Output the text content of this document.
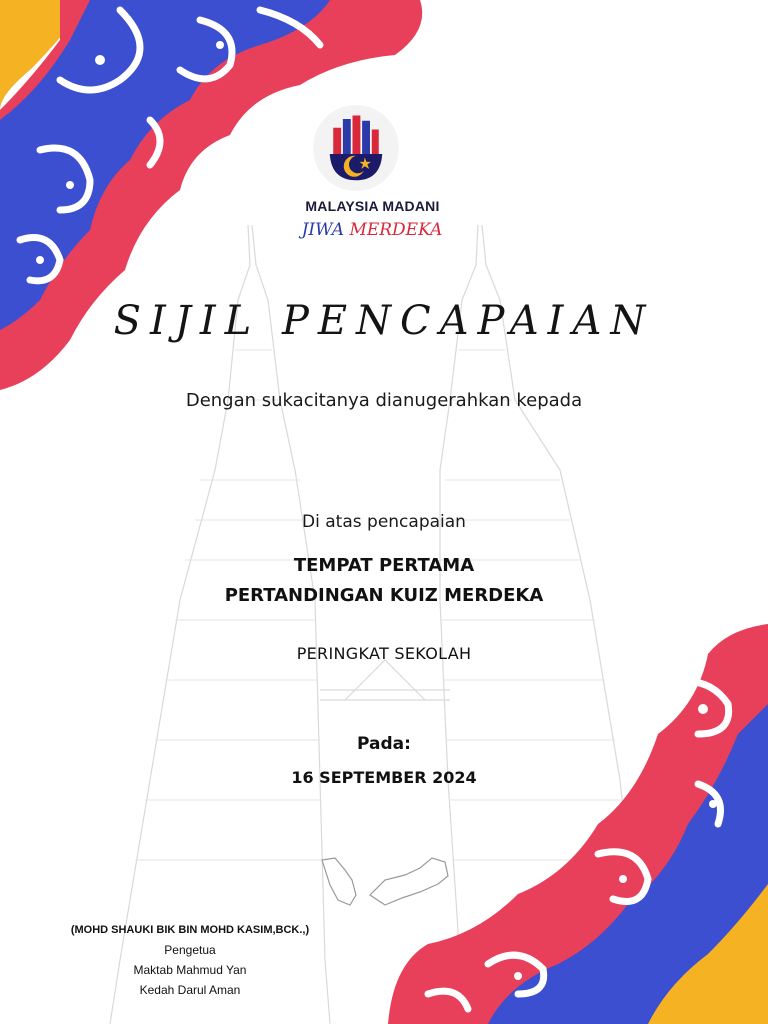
MALAYSIA MADANI
JIWA MERDEKA
SIJIL PENCAPAIAN
Dengan sukacitanya dianugerahkan kepada
Di atas pencapaian
TEMPAT PERTAMA
PERTANDINGAN KUIZ MERDEKA
PERINGKAT SEKOLAH
Pada:
16 SEPTEMBER 2024
(MOHD SHAUKI BIK BIN MOHD KASIM,BCK.,)
Pengetua
Maktab Mahmud Yan
Kedah Darul Aman
